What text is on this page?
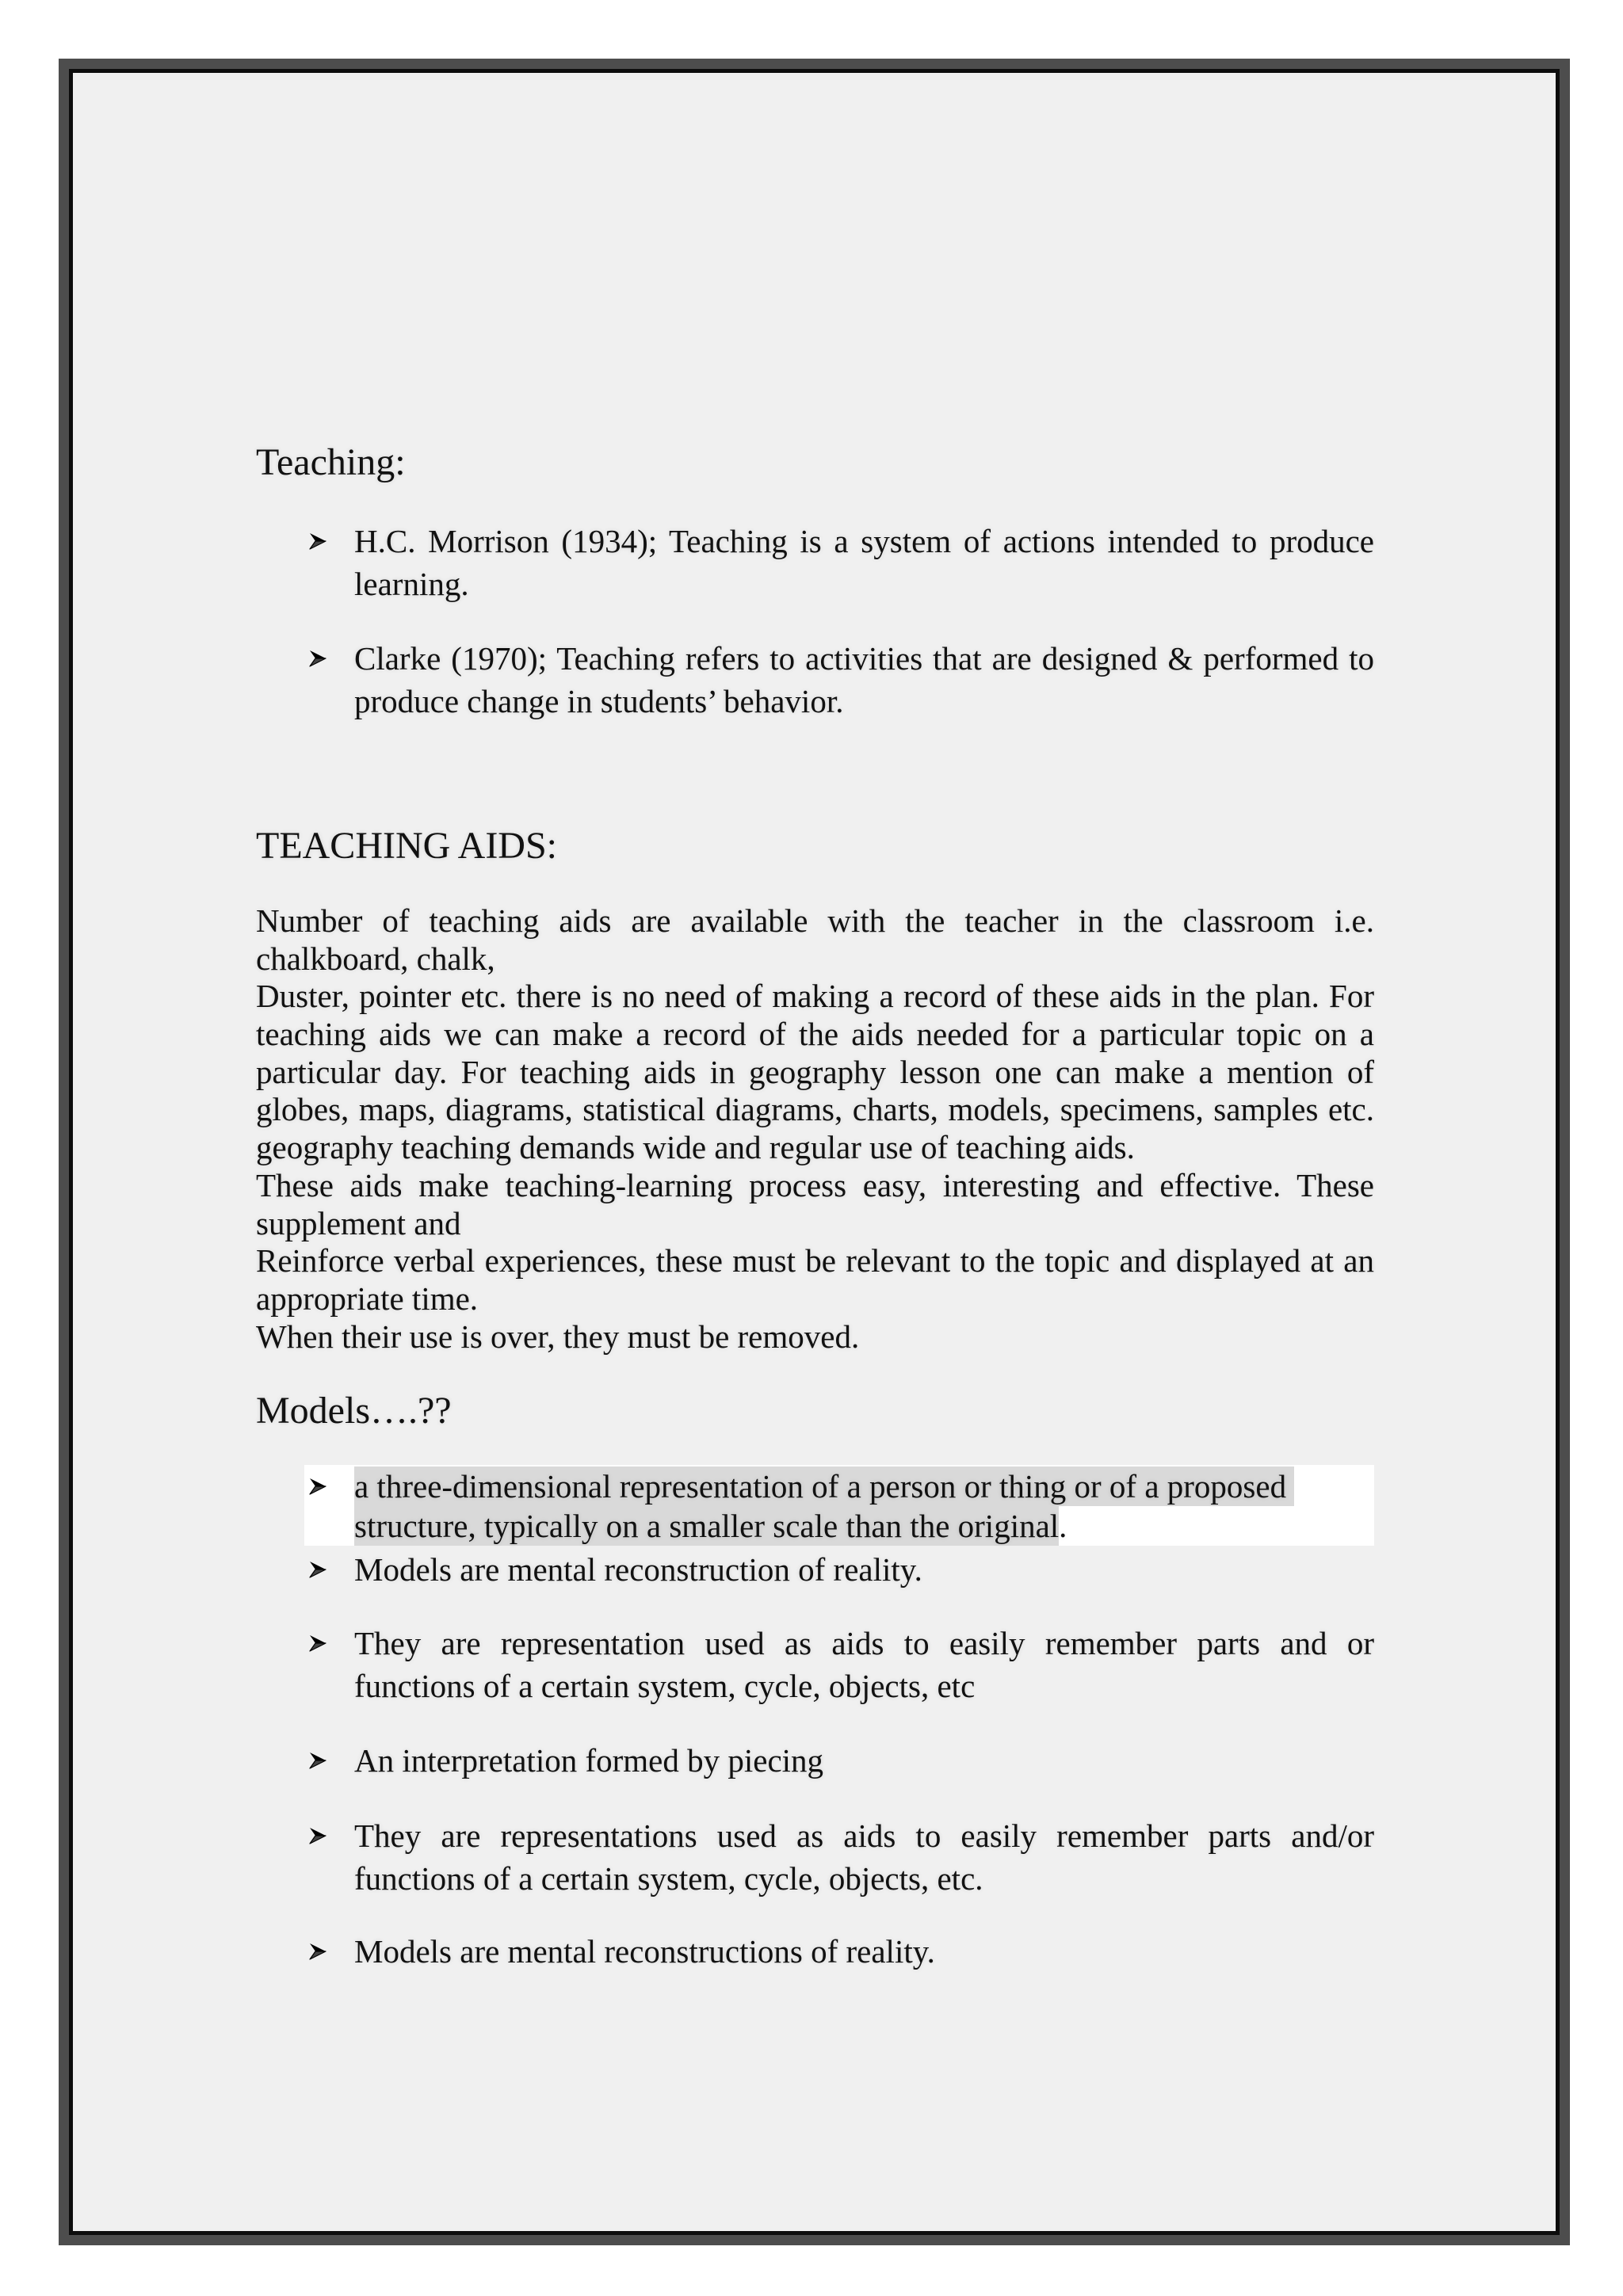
Teaching:
H.C. Morrison (1934); Teaching is a system of actions intended to produce
learning.
Clarke (1970); Teaching refers to activities that are designed & performed to
produce change in students’ behavior.
TEACHING AIDS:
Number of teaching aids are available with the teacher in the classroom i.e.
chalkboard, chalk,
Duster, pointer etc. there is no need of making a record of these aids in the plan. For
teaching aids we can make a record of the aids needed for a particular topic on a
particular day. For teaching aids in geography lesson one can make a mention of
globes, maps, diagrams, statistical diagrams, charts, models, specimens, samples etc.
geography teaching demands wide and regular use of teaching aids.
These aids make teaching-learning process easy, interesting and effective. These
supplement and
Reinforce verbal experiences, these must be relevant to the topic and displayed at an
appropriate time.
When their use is over, they must be removed.
Models….??
a three-dimensional representation of a person or thing or of a proposed
structure, typically on a smaller scale than the original.
Models are mental reconstruction of reality.
They are representation used as aids to easily remember parts and or
functions of a certain system, cycle, objects, etc
An interpretation formed by piecing
They are representations used as aids to easily remember parts and/or
functions of a certain system, cycle, objects, etc.
Models are mental reconstructions of reality.
